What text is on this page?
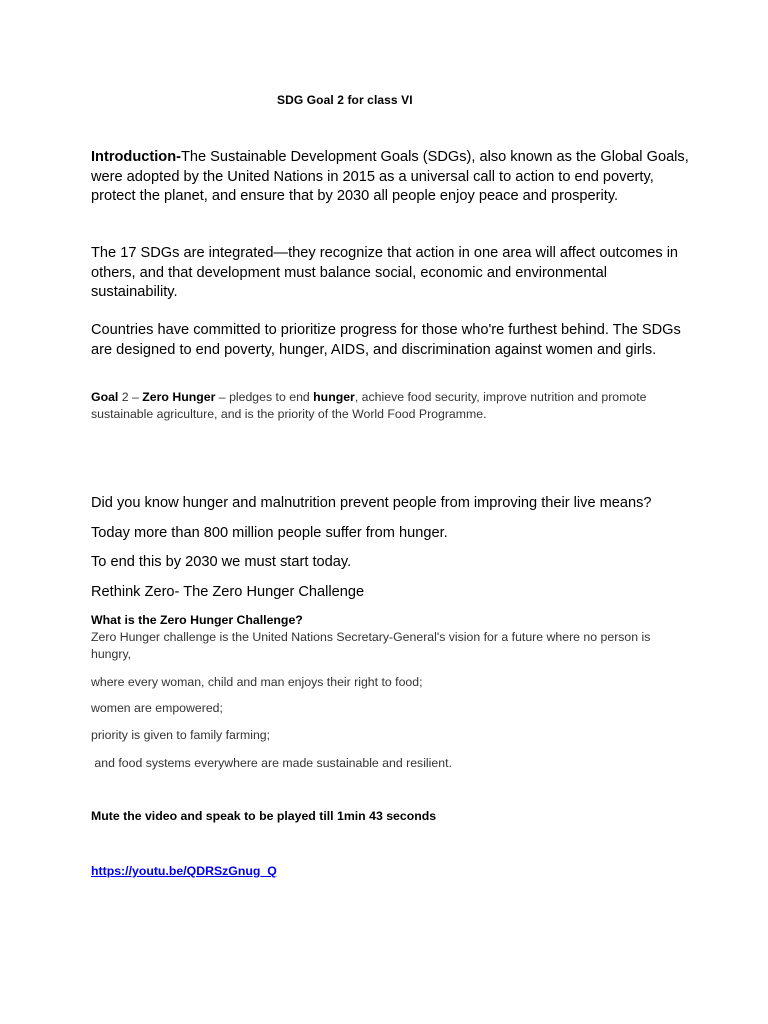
SDG Goal 2 for class VI
Introduction-The Sustainable Development Goals (SDGs), also known as the Global Goals, were adopted by the United Nations in 2015 as a universal call to action to end poverty, protect the planet, and ensure that by 2030 all people enjoy peace and prosperity.
The 17 SDGs are integrated—they recognize that action in one area will affect outcomes in others, and that development must balance social, economic and environmental sustainability.
Countries have committed to prioritize progress for those who're furthest behind. The SDGs are designed to end poverty, hunger, AIDS, and discrimination against women and girls.
Goal 2 – Zero Hunger – pledges to end hunger, achieve food security, improve nutrition and promote sustainable agriculture, and is the priority of the World Food Programme.
Did you know hunger and malnutrition prevent people from improving their live means?
Today more than 800 million people suffer from hunger.
To end this by 2030 we must start today.
Rethink Zero- The Zero Hunger Challenge
What is the Zero Hunger Challenge?
Zero Hunger challenge is the United Nations Secretary-General's vision for a future where no person is hungry,
where every woman, child and man enjoys their right to food;
women are empowered;
priority is given to family farming;
and food systems everywhere are made sustainable and resilient.
Mute the video and speak to be played till 1min 43 seconds
https://youtu.be/QDRSzGnug_Q
